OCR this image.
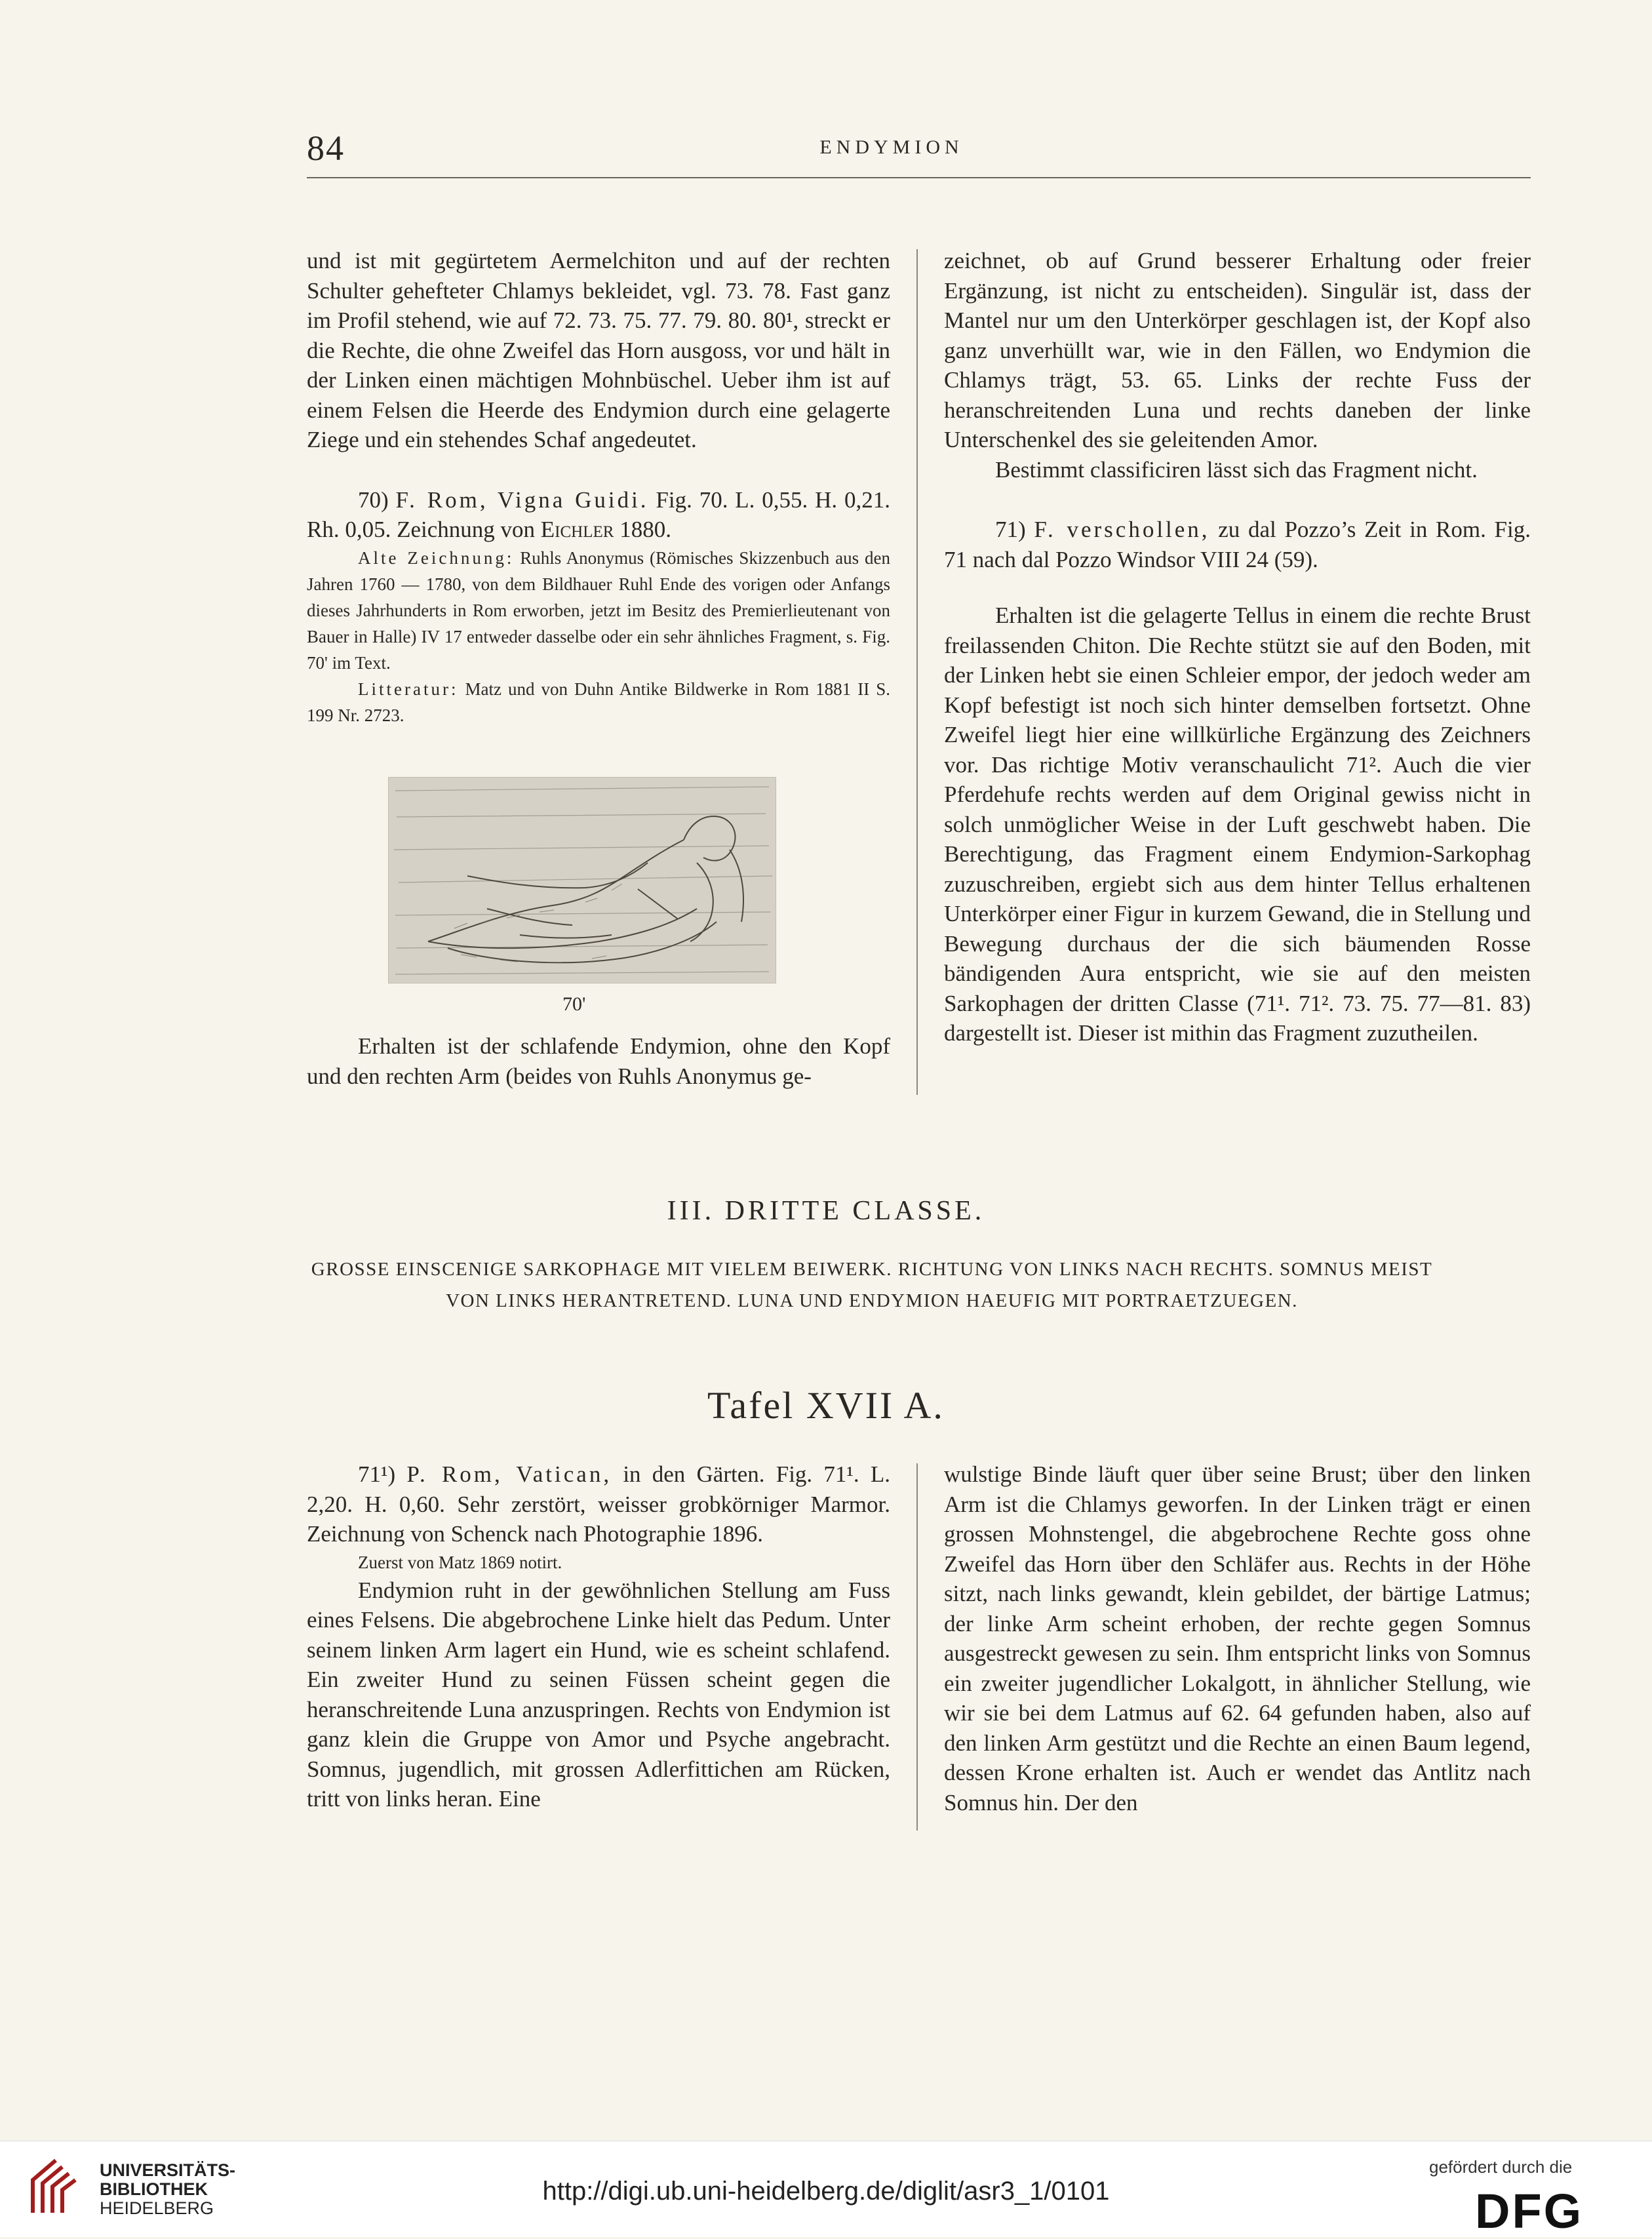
84	ENDYMION

und ist mit gegürtetem Aermelchiton und auf der rechten Schulter gehefteter Chlamys bekleidet, vgl. 73. 78. Fast ganz im Profil stehend, wie auf 72. 73. 75. 77. 79. 80. 80¹, streckt er die Rechte, die ohne Zweifel das Horn ausgoss, vor und hält in der Linken einen mächtigen Mohnbüschel. Ueber ihm ist auf einem Felsen die Heerde des Endymion durch eine gelagerte Ziege und ein stehendes Schaf angedeutet.

70) F. Rom, Vigna Guidi. Fig. 70. L. 0,55. H. 0,21. Rh. 0,05. Zeichnung von Eichler 1880.

Alte Zeichnung: Ruhls Anonymus (Römisches Skizzenbuch aus den Jahren 1760 — 1780, von dem Bildhauer Ruhl Ende des vorigen oder Anfangs dieses Jahrhunderts in Rom erworben, jetzt im Besitz des Premierlieutenant von Bauer in Halle) IV 17 entweder dasselbe oder ein sehr ähnliches Fragment, s. Fig. 70' im Text.

Litteratur: Matz und von Duhn Antike Bildwerke in Rom 1881 II S. 199 Nr. 2723.

70'

Erhalten ist der schlafende Endymion, ohne den Kopf und den rechten Arm (beides von Ruhls Anonymus ge-

zeichnet, ob auf Grund besserer Erhaltung oder freier Ergänzung, ist nicht zu entscheiden). Singulär ist, dass der Mantel nur um den Unterkörper geschlagen ist, der Kopf also ganz unverhüllt war, wie in den Fällen, wo Endymion die Chlamys trägt, 53. 65. Links der rechte Fuss der heranschreitenden Luna und rechts daneben der linke Unterschenkel des sie geleitenden Amor.

Bestimmt classificiren lässt sich das Fragment nicht.

71) F. verschollen, zu dal Pozzo’s Zeit in Rom. Fig. 71 nach dal Pozzo Windsor VIII 24 (59).

Erhalten ist die gelagerte Tellus in einem die rechte Brust freilassenden Chiton. Die Rechte stützt sie auf den Boden, mit der Linken hebt sie einen Schleier empor, der jedoch weder am Kopf befestigt ist noch sich hinter demselben fortsetzt. Ohne Zweifel liegt hier eine willkürliche Ergänzung des Zeichners vor. Das richtige Motiv veranschaulicht 71². Auch die vier Pferdehufe rechts werden auf dem Original gewiss nicht in solch unmöglicher Weise in der Luft geschwebt haben. Die Berechtigung, das Fragment einem Endymion-Sarkophag zuzuschreiben, ergiebt sich aus dem hinter Tellus erhaltenen Unterkörper einer Figur in kurzem Gewand, die in Stellung und Bewegung durchaus der die sich bäumenden Rosse bändigenden Aura entspricht, wie sie auf den meisten Sarkophagen der dritten Classe (71¹. 71². 73. 75. 77—81. 83) dargestellt ist. Dieser ist mithin das Fragment zuzutheilen.

III. DRITTE CLASSE.
GROSSE EINSCENIGE SARKOPHAGE MIT VIELEM BEIWERK. RICHTUNG VON LINKS NACH RECHTS. SOMNUS MEIST
VON LINKS HERANTRETEND. LUNA UND ENDYMION HAEUFIG MIT PORTRAETZUEGEN.
Tafel XVII A.

71¹) P. Rom, Vatican, in den Gärten. Fig. 71¹. L. 2,20. H. 0,60. Sehr zerstört, weisser grobkörniger Marmor. Zeichnung von Schenck nach Photographie 1896.

Zuerst von Matz 1869 notirt.

Endymion ruht in der gewöhnlichen Stellung am Fuss eines Felsens. Die abgebrochene Linke hielt das Pedum. Unter seinem linken Arm lagert ein Hund, wie es scheint schlafend. Ein zweiter Hund zu seinen Füssen scheint gegen die heranschreitende Luna anzuspringen. Rechts von Endymion ist ganz klein die Gruppe von Amor und Psyche angebracht. Somnus, jugendlich, mit grossen Adlerfittichen am Rücken, tritt von links heran. Eine

wulstige Binde läuft quer über seine Brust; über den linken Arm ist die Chlamys geworfen. In der Linken trägt er einen grossen Mohnstengel, die abgebrochene Rechte goss ohne Zweifel das Horn über den Schläfer aus. Rechts in der Höhe sitzt, nach links gewandt, klein gebildet, der bärtige Latmus; der linke Arm scheint erhoben, der rechte gegen Somnus ausgestreckt gewesen zu sein. Ihm entspricht links von Somnus ein zweiter jugendlicher Lokalgott, in ähnlicher Stellung, wie wir sie bei dem Latmus auf 62. 64 gefunden haben, also auf den linken Arm gestützt und die Rechte an einen Baum legend, dessen Krone erhalten ist. Auch er wendet das Antlitz nach Somnus hin. Der den

UNIVERSITÄTS-
BIBLIOTHEK
HEIDELBERG
http://digi.ub.uni-heidelberg.de/diglit/asr3_1/0101
gefördert durch die
DFG
